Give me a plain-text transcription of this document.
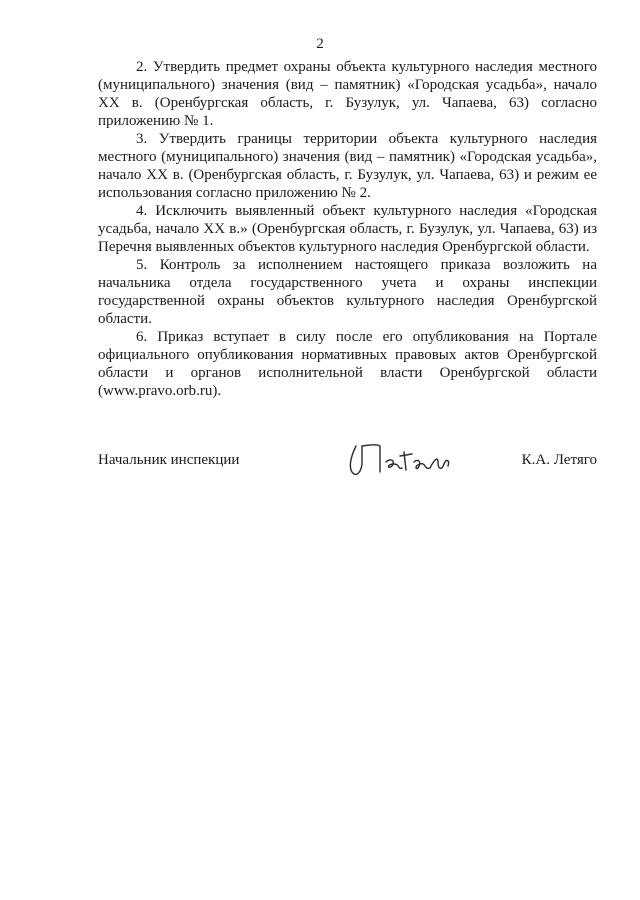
2

2. Утвердить предмет охраны объекта культурного наследия местного (муниципального) значения (вид – памятник) «Городская усадьба», начало ХХ в. (Оренбургская область, г. Бузулук, ул. Чапаева, 63) согласно приложению № 1.

3. Утвердить границы территории объекта культурного наследия местного (муниципального) значения (вид – памятник) «Городская усадьба», начало ХХ в. (Оренбургская область, г. Бузулук, ул. Чапаева, 63) и режим ее использования согласно приложению № 2.

4. Исключить выявленный объект культурного наследия «Городская усадьба, начало ХХ в.» (Оренбургская область, г. Бузулук, ул. Чапаева, 63) из Перечня выявленных объектов культурного наследия Оренбургской области.

5. Контроль за исполнением настоящего приказа возложить на начальника отдела государственного учета и охраны инспекции государственной охраны объектов культурного наследия Оренбургской области.

6. Приказ вступает в силу после его опубликования на Портале официального опубликования нормативных правовых актов Оренбургской области и органов исполнительной власти Оренбургской области (www.pravo.orb.ru).

Начальник инспекции	К.А. Летяго
